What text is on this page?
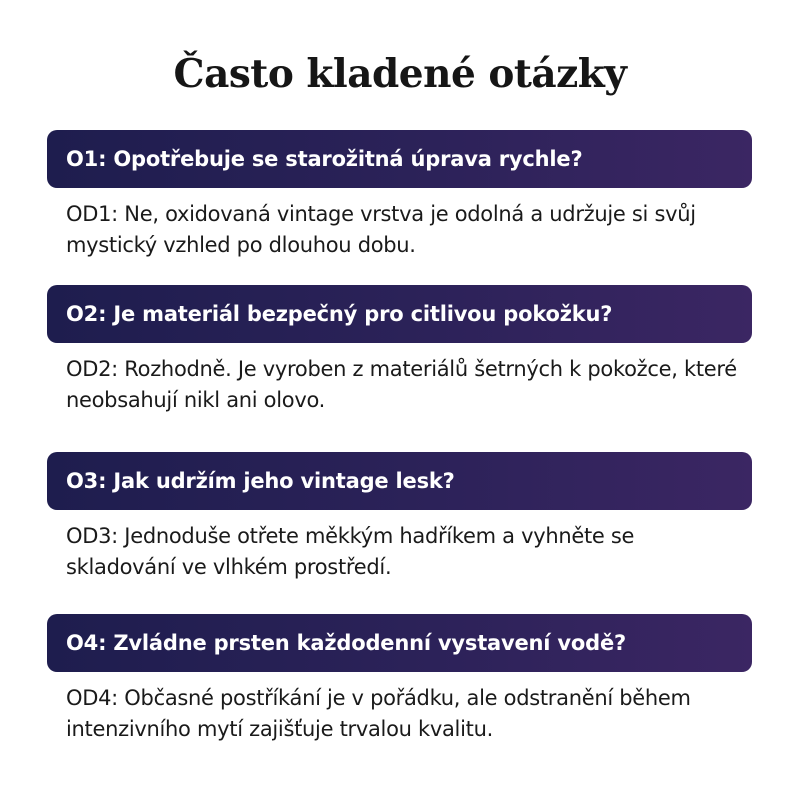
Často kladené otázky
O1: Opotřebuje se starožitná úprava rychle?

OD1: Ne, oxidovaná vintage vrstva je odolná a udržuje si svůj mystický vzhled po dlouhou dobu.

O2: Je materiál bezpečný pro citlivou pokožku?

OD2: Rozhodně. Je vyroben z materiálů šetrných k pokožce, které neobsahují nikl ani olovo.

O3: Jak udržím jeho vintage lesk?

OD3: Jednoduše otřete měkkým hadříkem a vyhněte se skladování ve vlhkém prostředí.

O4: Zvládne prsten každodenní vystavení vodě?

OD4: Občasné postříkání je v pořádku, ale odstranění během intenzivního mytí zajišťuje trvalou kvalitu.
